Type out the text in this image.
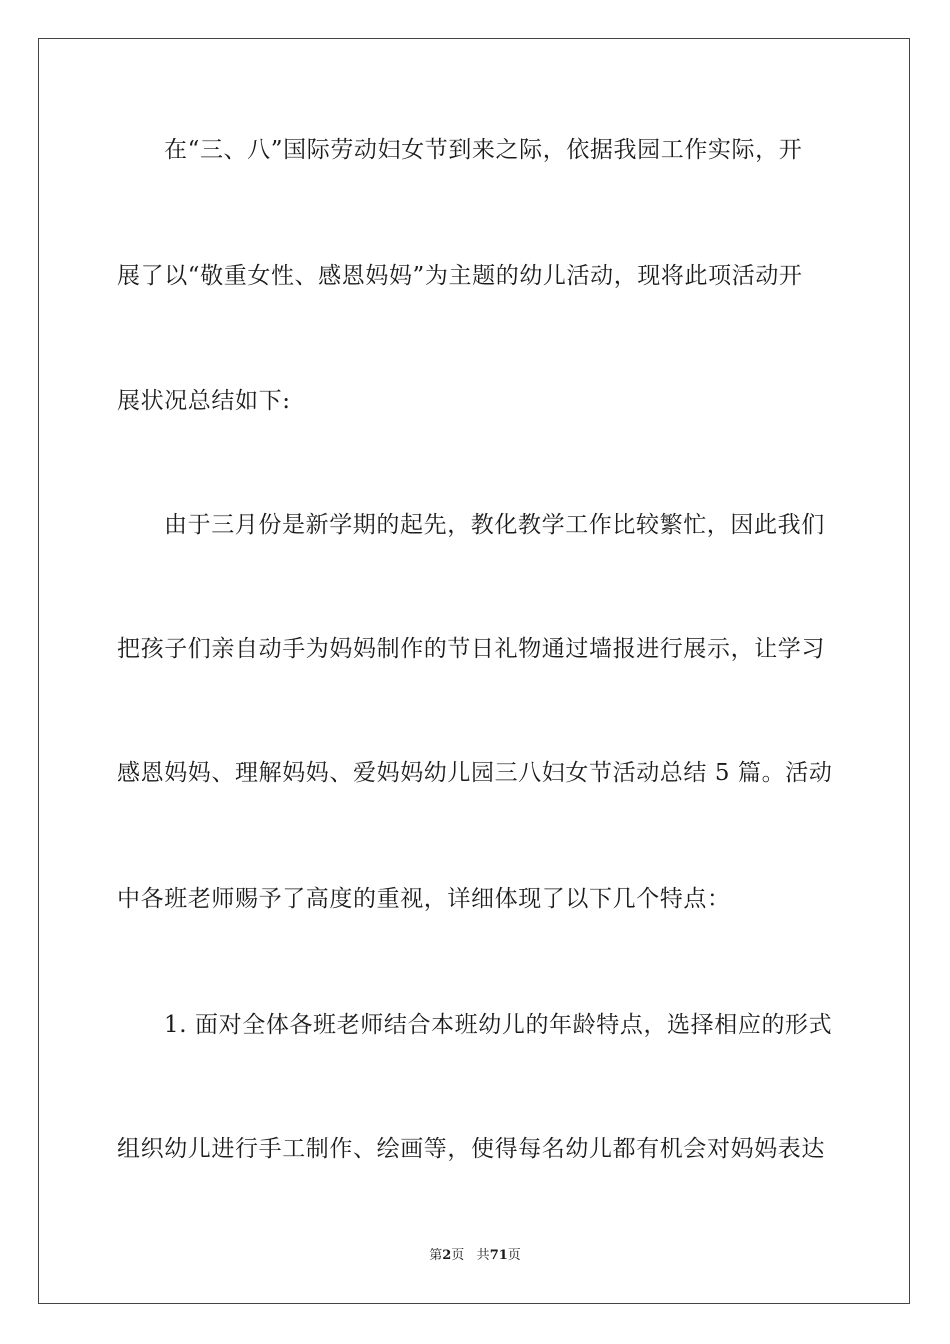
在“三、八”国际劳动妇女节到来之际，依据我园工作实际，开
展了以“敬重女性、感恩妈妈”为主题的幼儿活动，现将此项活动开
展状况总结如下:
由于三月份是新学期的起先，教化教学工作比较繁忙，因此我们
把孩子们亲自动手为妈妈制作的节日礼物通过墙报进行展示，让学习
感恩妈妈、理解妈妈、爱妈妈幼儿园三八妇女节活动总结 5 篇。活动
中各班老师赐予了高度的重视，详细体现了以下几个特点：
1. 面对全体各班老师结合本班幼儿的年龄特点，选择相应的形式
组织幼儿进行手工制作、绘画等，使得每名幼儿都有机会对妈妈表达
第2页 共71页
